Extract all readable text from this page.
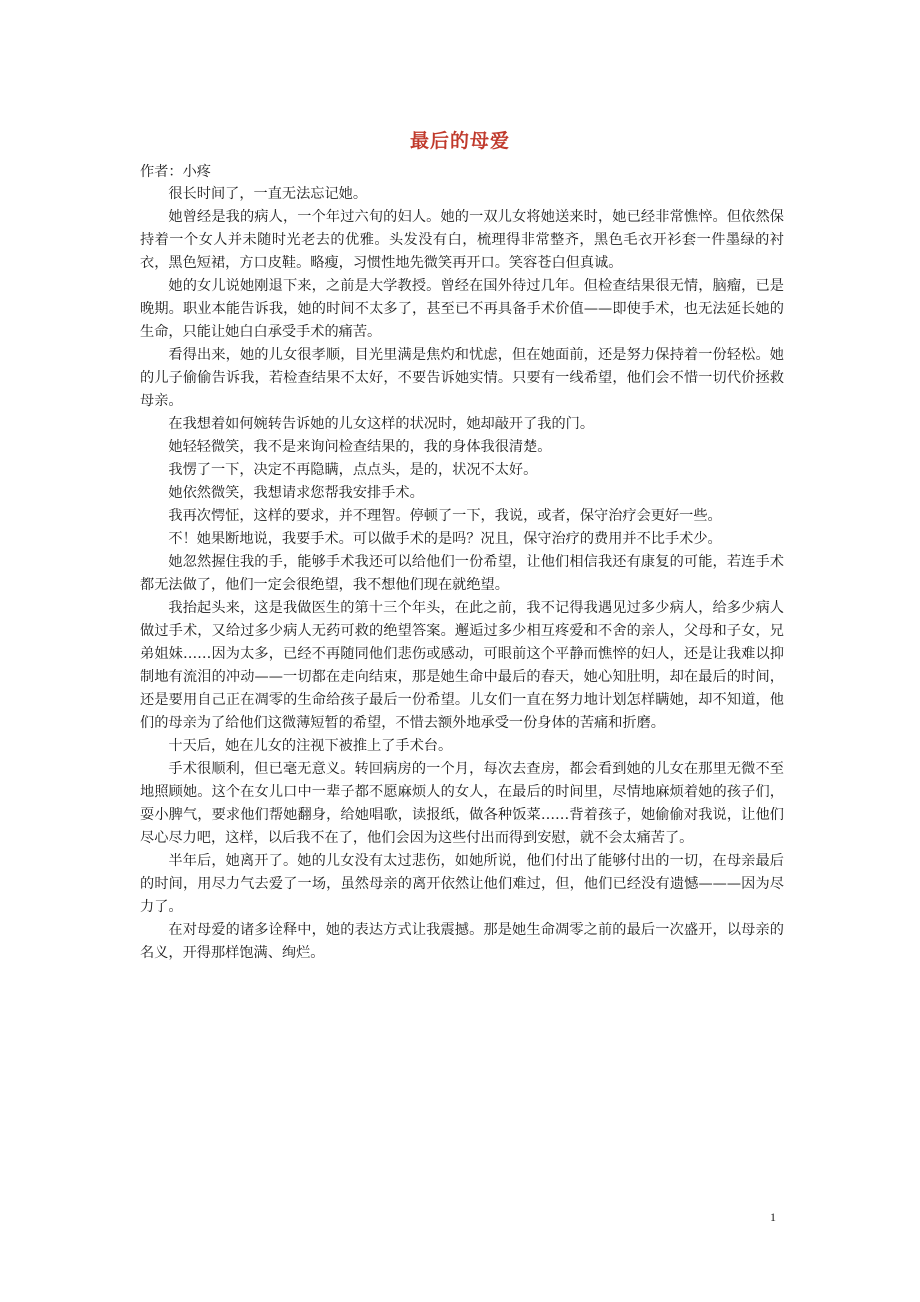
最后的母爱
作者：小疼

很长时间了，一直无法忘记她。

她曾经是我的病人，一个年过六旬的妇人。她的一双儿女将她送来时，她已经非常憔悴。但依然保持着一个女人并未随时光老去的优雅。头发没有白，梳理得非常整齐，黑色毛衣开衫套一件墨绿的衬衣，黑色短裙，方口皮鞋。略瘦，习惯性地先微笑再开口。笑容苍白但真诚。

她的女儿说她刚退下来，之前是大学教授。曾经在国外待过几年。但检查结果很无情，脑瘤，已是晚期。职业本能告诉我，她的时间不太多了，甚至已不再具备手术价值——即使手术，也无法延长她的生命，只能让她白白承受手术的痛苦。

看得出来，她的儿女很孝顺，目光里满是焦灼和忧虑，但在她面前，还是努力保持着一份轻松。她的儿子偷偷告诉我，若检查结果不太好，不要告诉她实情。只要有一线希望，他们会不惜一切代价拯救母亲。

在我想着如何婉转告诉她的儿女这样的状况时，她却敲开了我的门。

她轻轻微笑，我不是来询问检查结果的，我的身体我很清楚。

我愣了一下，决定不再隐瞒，点点头，是的，状况不太好。

她依然微笑，我想请求您帮我安排手术。

我再次愕怔，这样的要求，并不理智。停顿了一下，我说，或者，保守治疗会更好一些。

不！她果断地说，我要手术。可以做手术的是吗？况且，保守治疗的费用并不比手术少。

她忽然握住我的手，能够手术我还可以给他们一份希望，让他们相信我还有康复的可能，若连手术都无法做了，他们一定会很绝望，我不想他们现在就绝望。

我抬起头来，这是我做医生的第十三个年头，在此之前，我不记得我遇见过多少病人，给多少病人做过手术，又给过多少病人无药可救的绝望答案。邂逅过多少相互疼爱和不舍的亲人，父母和子女，兄弟姐妹……因为太多，已经不再随同他们悲伤或感动，可眼前这个平静而憔悴的妇人，还是让我难以抑制地有流泪的冲动——一切都在走向结束，那是她生命中最后的春天，她心知肚明，却在最后的时间，还是要用自己正在凋零的生命给孩子最后一份希望。儿女们一直在努力地计划怎样瞒她，却不知道，他们的母亲为了给他们这微薄短暂的希望，不惜去额外地承受一份身体的苦痛和折磨。

十天后，她在儿女的注视下被推上了手术台。

手术很顺利，但已毫无意义。转回病房的一个月，每次去查房，都会看到她的儿女在那里无微不至地照顾她。这个在女儿口中一辈子都不愿麻烦人的女人，在最后的时间里，尽情地麻烦着她的孩子们，耍小脾气，要求他们帮她翻身，给她唱歌，读报纸，做各种饭菜……背着孩子，她偷偷对我说，让他们尽心尽力吧，这样，以后我不在了，他们会因为这些付出而得到安慰，就不会太痛苦了。

半年后，她离开了。她的儿女没有太过悲伤，如她所说，他们付出了能够付出的一切，在母亲最后的时间，用尽力气去爱了一场，虽然母亲的离开依然让他们难过，但，他们已经没有遗憾———因为尽力了。

在对母爱的诸多诠释中，她的表达方式让我震撼。那是她生命凋零之前的最后一次盛开，以母亲的名义，开得那样饱满、绚烂。

1
